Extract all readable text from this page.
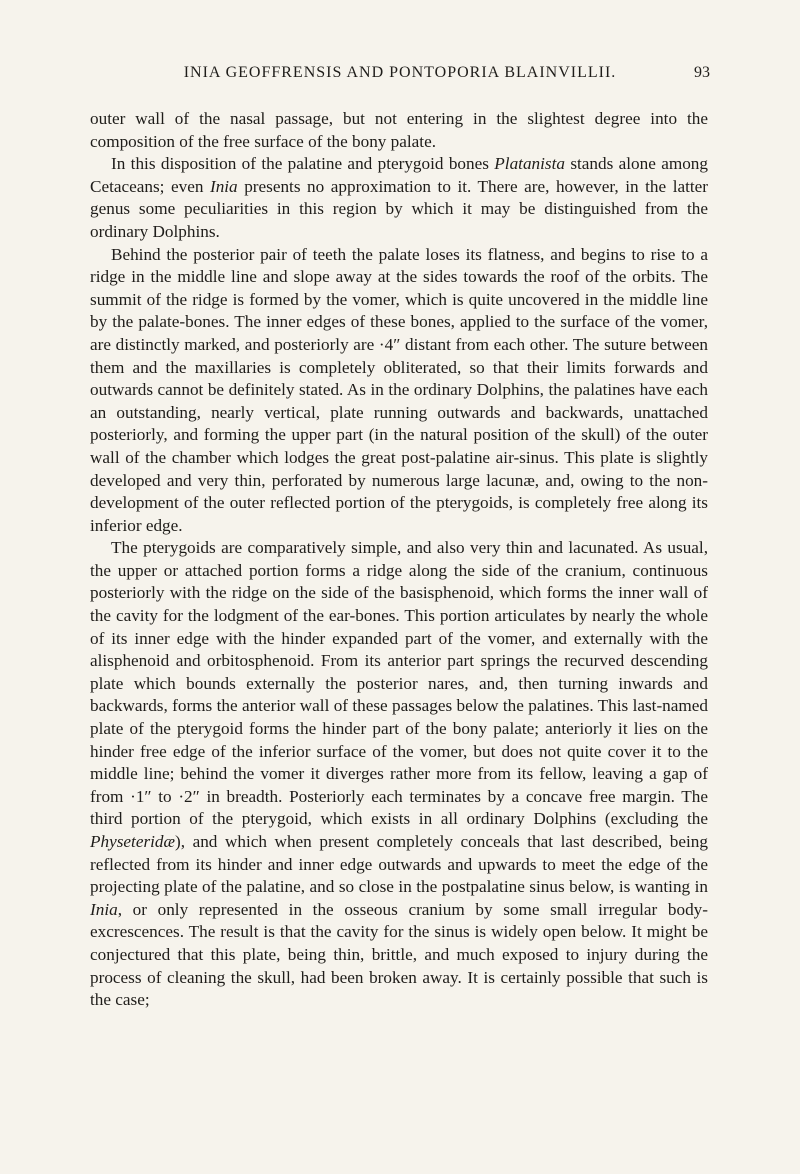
INIA GEOFFRENSIS AND PONTOPORIA BLAINVILLII.	93

outer wall of the nasal passage, but not entering in the slightest degree into the composition of the free surface of the bony palate.

In this disposition of the palatine and pterygoid bones Platanista stands alone among Cetaceans; even Inia presents no approximation to it. There are, however, in the latter genus some peculiarities in this region by which it may be distinguished from the ordinary Dolphins.

Behind the posterior pair of teeth the palate loses its flatness, and begins to rise to a ridge in the middle line and slope away at the sides towards the roof of the orbits. The summit of the ridge is formed by the vomer, which is quite uncovered in the middle line by the palate-bones. The inner edges of these bones, applied to the surface of the vomer, are distinctly marked, and posteriorly are ·4″ distant from each other. The suture between them and the maxillaries is completely obliterated, so that their limits forwards and outwards cannot be definitely stated. As in the ordinary Dolphins, the palatines have each an outstanding, nearly vertical, plate running outwards and backwards, unattached posteriorly, and forming the upper part (in the natural position of the skull) of the outer wall of the chamber which lodges the great post-palatine air-sinus. This plate is slightly developed and very thin, perforated by numerous large lacunæ, and, owing to the non-development of the outer reflected portion of the pterygoids, is completely free along its inferior edge.

The pterygoids are comparatively simple, and also very thin and lacunated. As usual, the upper or attached portion forms a ridge along the side of the cranium, continuous posteriorly with the ridge on the side of the basisphenoid, which forms the inner wall of the cavity for the lodgment of the ear-bones. This portion articulates by nearly the whole of its inner edge with the hinder expanded part of the vomer, and externally with the alisphenoid and orbitosphenoid. From its anterior part springs the recurved descending plate which bounds externally the posterior nares, and, then turning inwards and backwards, forms the anterior wall of these passages below the palatines. This last-named plate of the pterygoid forms the hinder part of the bony palate; anteriorly it lies on the hinder free edge of the inferior surface of the vomer, but does not quite cover it to the middle line; behind the vomer it diverges rather more from its fellow, leaving a gap of from ·1″ to ·2″ in breadth. Posteriorly each terminates by a concave free margin. The third portion of the pterygoid, which exists in all ordinary Dolphins (excluding the Physeteridæ), and which when present completely conceals that last described, being reflected from its hinder and inner edge outwards and upwards to meet the edge of the projecting plate of the palatine, and so close in the postpalatine sinus below, is wanting in Inia, or only represented in the osseous cranium by some small irregular body-excrescences. The result is that the cavity for the sinus is widely open below. It might be conjectured that this plate, being thin, brittle, and much exposed to injury during the process of cleaning the skull, had been broken away. It is certainly possible that such is the case;
